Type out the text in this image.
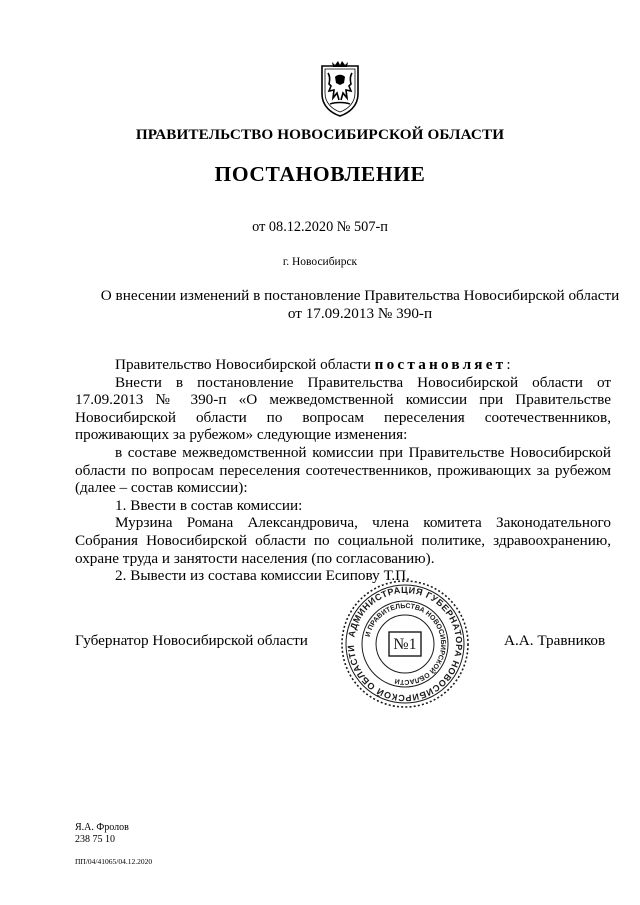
ПРАВИТЕЛЬСТВО НОВОСИБИРСКОЙ ОБЛАСТИ
ПОСТАНОВЛЕНИЕ
от 08.12.2020 № 507-п
г. Новосибирск
О внесении изменений в постановление Правительства Новосибирской области
от 17.09.2013 № 390-п

Правительство Новосибирской области постановляет:

Внести в постановление Правительства Новосибирской области от 17.09.2013 № 390-п «О межведомственной комиссии при Правительстве Новосибирской области по вопросам переселения соотечественников, проживающих за рубежом» следующие изменения:

в составе межведомственной комиссии при Правительстве Новосибирской области по вопросам переселения соотечественников, проживающих за рубежом (далее – состав комиссии):

1. Ввести в состав комиссии:

Мурзина Романа Александровича, члена комитета Законодательного Собрания Новосибирской области по социальной политике, здравоохранению, охране труда и занятости населения (по согласованию).

2. Вывести из состава комиссии Есипову Т.П.

Губернатор Новосибирской области	АДМИНИСТРАЦИЯ ГУБЕРНАТОРА НОВОСИБИРСКОЙ ОБЛАСТИ
И ПРАВИТЕЛЬСТВА НОВОСИБИРСКОЙ ОБЛАСТИ
№1	А.А. Травников
Я.А. Фролов
238 75 10
ПП/04/41065/04.12.2020
